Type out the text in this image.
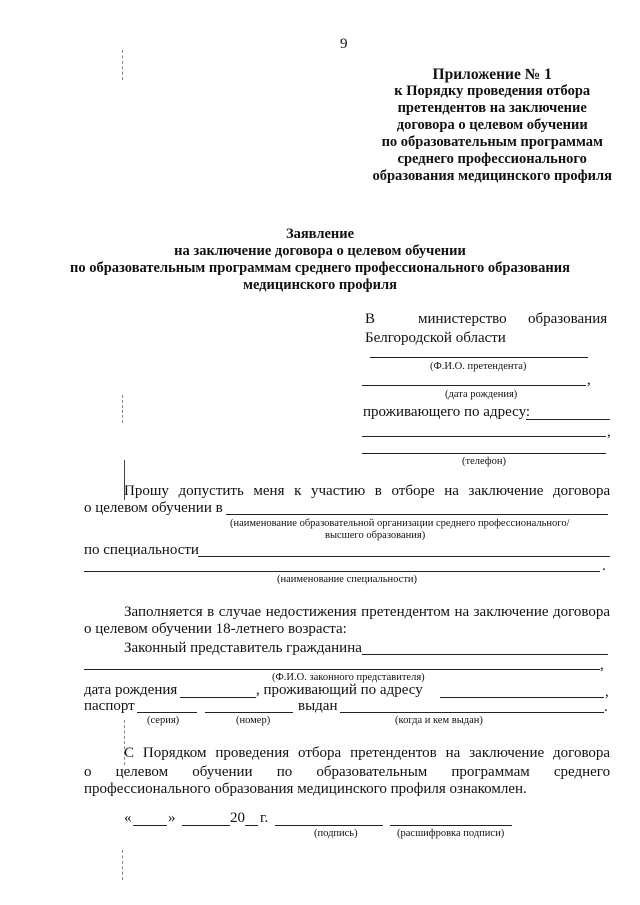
9
Приложение № 1
к Порядку проведения отбора
претендентов на заключение
договора о целевом обучении
по образовательным программам
среднего профессионального
образования медицинского профиля
Заявление
на заключение договора о целевом обучении
по образовательным программам среднего профессионального образования
медицинского профиля
В	министерство образования
Белгородской области
(Ф.И.О. претендента)
,
(дата рождения)
проживающего по адресу:
,
(телефон)
Прошу допустить меня к участию в отборе на заключение договора
о целевом обучении в
(наименование образовательной организации среднего профессионального/
высшего образования)
по специальности
.
(наименование специальности)
Заполняется в случае недостижения претендентом на заключение договора
о целевом обучении 18-летнего возраста:
Законный представитель гражданина
,
(Ф.И.О. законного представителя)
дата рождения	, проживающий по адресу	,
паспорт	выдан	.
(серия)	(номер)	(когда и кем выдан)
С Порядком проведения отбора претендентов на заключение договора
о целевом обучении по образовательным программам среднего
профессионального образования медицинского профиля ознакомлен.
« »	20 г.
(подпись)	(расшифровка подписи)
